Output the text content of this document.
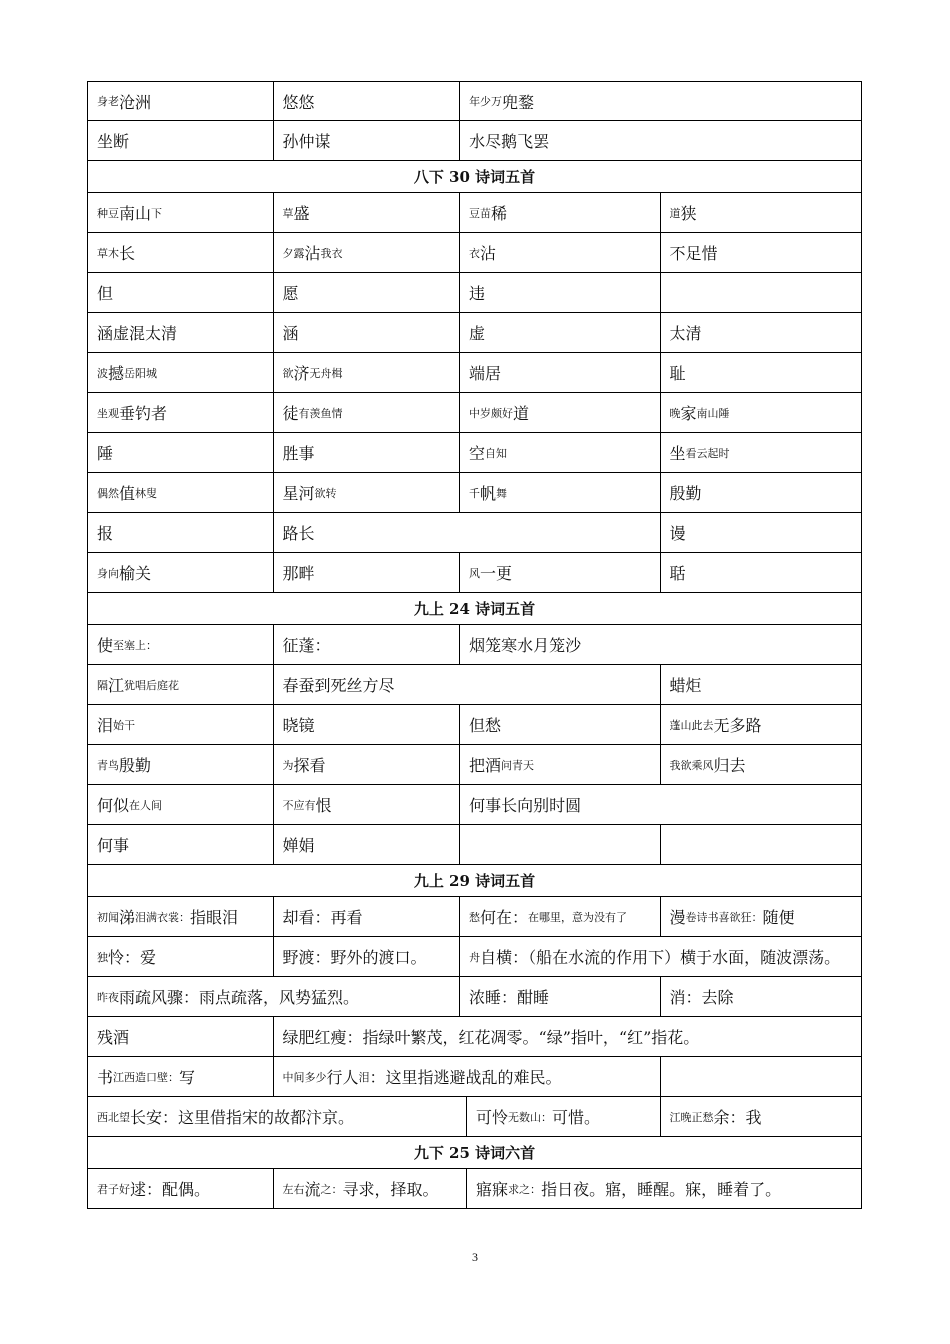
身老 沧洲	悠悠	年少万 兜鍪
坐断	孙仲谋	水尽鹅飞罢
八下 30 诗词五首
种豆 南山 下	草 盛	豆苗 稀	道 狭
草木 长	夕露 沾 我衣	衣 沾	不足惜
但	愿	违
涵虚混太清	涵	虚	太清
波 撼 岳阳城	欲 济 无舟楫	端居	耻
坐观 垂钓者	徒 有羡鱼情	中岁颇好 道	晚 家 南山陲
陲	胜事	空 自知	坐 看云起时
偶然 值 林叟	星河 欲转	千 帆 舞	殷勤
报	路长	谩
身向 榆关	那畔	风 一更	聒
九上 24 诗词五首
使 至塞上：	征蓬：	烟笼寒水月笼沙
隔 江 犹唱后庭花	春蚕到死丝方尽	蜡炬
泪 始干	晓镜	但愁	蓬山此去 无多路
青鸟 殷勤	为 探看	把酒 问青天	我欲乘风 归去
何似 在人间	不应有 恨	何事长向别时圆
何事	婵娟
九上 29 诗词五首
初闻 涕 泪满衣裳： 指眼泪	却看：再看	愁 何在： 在哪里，意为没有了	漫 卷诗书喜欲狂： 随便
独 怜：爱	野渡：野外的渡口。	舟 自横：（船在水流的作用下）横于水面，随波漂荡。
昨夜 雨疏风骤：雨点疏落，风势猛烈。	浓睡：酣睡	消：去除
残酒	绿肥红瘦：指绿叶繁茂，红花凋零。“绿”指叶，“红”指花。
书 江西造口壁： 写	中间多少 行人 泪 ：这里指逃避战乱的难民。
西北望 长安：这里借指宋的故都汴京。	可怜 无数山： 可惜。	江晚正愁 余：我
九下 25 诗词六首
君子好 逑：配偶。	左右 流 之： 寻求，择取。 寤寐 求之： 指日夜。寤，睡醒。寐，睡着了。
3
